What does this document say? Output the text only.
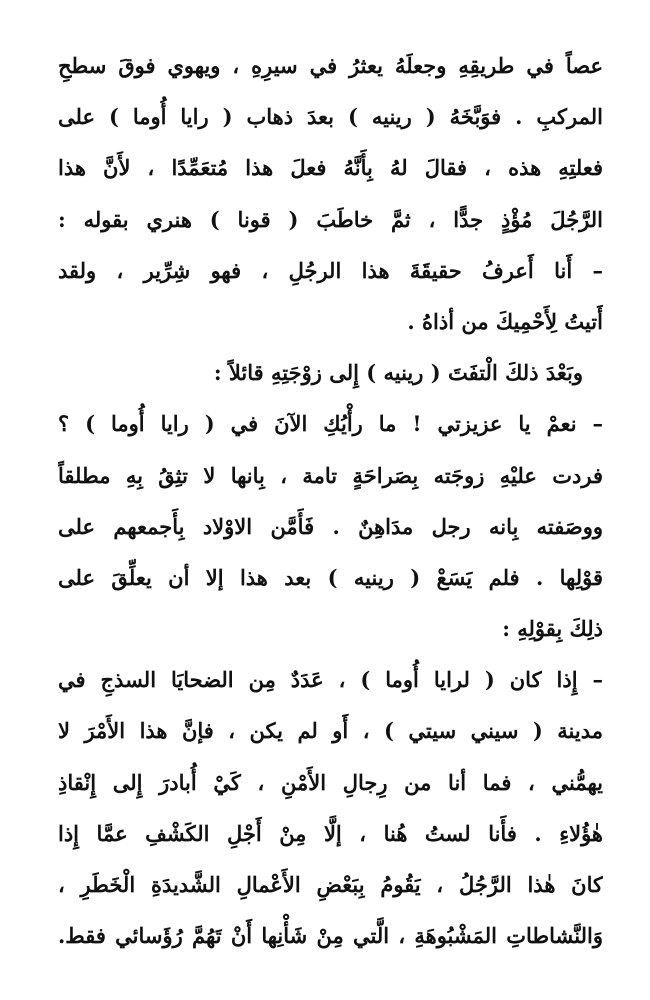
عصاً في طريقِهِ وجعلَهُ يعثرُ في سيرِهِ ، ويهوي فوقَ سطحِ
المركبِ . فوَبَّخَهُ ( رينيه ) بعدَ ذهاب ( رايا أُوما ) على
فعلتِهِ هذه ، فقالَ لهُ بِأَنَّهُ فعلَ هذا مُتعَمِّدًا ، لأَنَّ هذا
الرَّجُلَ مُؤْذٍ جدًّا ، ثمَّ خاطَبَ ( قونا ) هنري بقوله :
– أَنا أَعرفُ حقيقَةَ هذا الرجُلِ ، فهو شِرِّير ، ولقد
أَتيتُ لِأَحْمِيكَ من أذاهُ .
وبَعْدَ ذلكَ الْتفَتَ ( رينيه ) إِلى زوْجَتِهِ قائلاً :
– نعمْ يا عزيزتي ! ما رأْيُكِ الآنَ في ( رايا أُوما ) ؟
فردت عليْهِ زوجَته بِصَراحَةٍ تامة ، بِانها لا تثِقُ بِهِ مطلقاً
ووصَفته بِانه رجل مدَاهِنٌ . فَأَمَّن الاوْلاد بِأَجمعهم على
قوْلِها . فلم يَسَعْ ( رينيه ) بعد هذا إلا أن يعلِّقَ على
ذلِكَ بِقوْلِهِ :
– إِذا كان ( لرايا أُوما ) ، عَدَدٌ مِن الضحايَا السذجِ في
مدينة ( سيني سيتي ) ، أَو لم يكن ، فإنَّ هذا الأَمْرَ لا
يهمُّني ، فما أنا من رِجالِ الأَمْنِ ، كَيْ أُبادرَ إِلى إِنْقاذِ
هٰؤُلاءِ . فأَنا لستُ هُنا ، إلَّا مِنْ أَجْلِ الكَشْفِ عمَّا إِذا
كانَ هٰذا الرَّجُلُ ، يَقُومُ بِبَعْضِ الأَعْمالِ الشَّديدَةِ الْخَطَرِ ،
وَالنَّشاطاتِ المَشْبُوهَةِ ، الَّتي مِنْ شَأْنِها أَنْ تَهُمَّ رُؤَسائي فقط.
